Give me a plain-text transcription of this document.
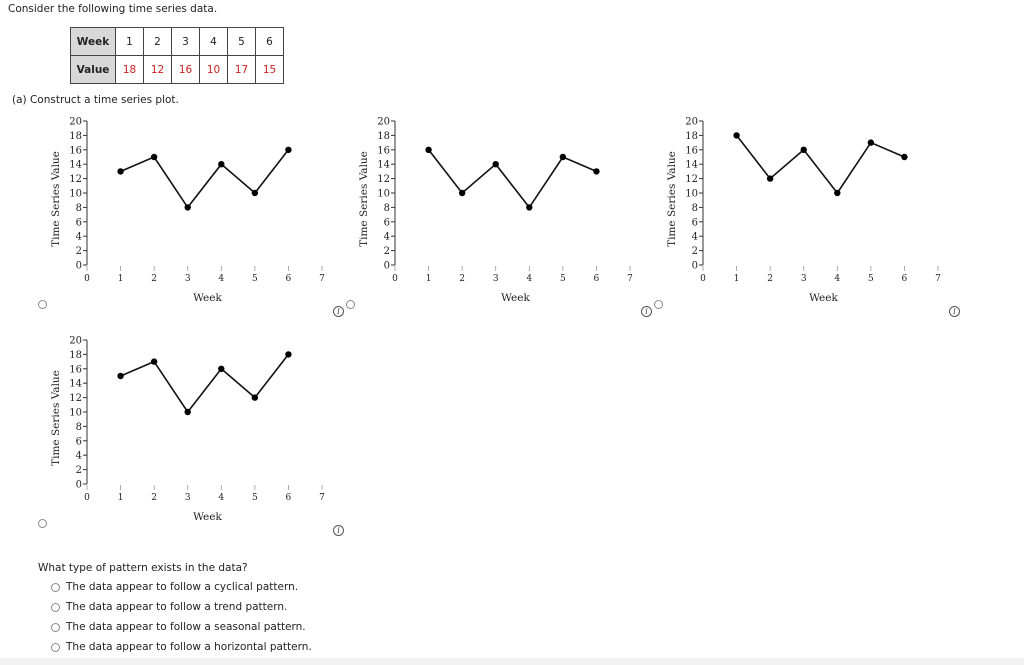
Consider the following time series data.
Week	1	2	3	4	5	6
Value	18	12	16	10	17	15
(a) Construct a time series plot.
0
2
4
6
8
10
12
14
16
18
20
0	1	2	3	4	5	6	7
Week
Time Series Value
i
0
2
4
6
8
10
12
14
16
18
20
0	1	2	3	4	5	6	7
Week
Time Series Value
i
0
2
4
6
8
10
12
14
16
18
20
0	1	2	3	4	5	6	7
Week
Time Series Value
i
0
2
4
6
8
10
12
14
16
18
20
0	1	2	3	4	5	6	7
Week
Time Series Value
i
What type of pattern exists in the data?
The data appear to follow a cyclical pattern.
The data appear to follow a trend pattern.
The data appear to follow a seasonal pattern.
The data appear to follow a horizontal pattern.
